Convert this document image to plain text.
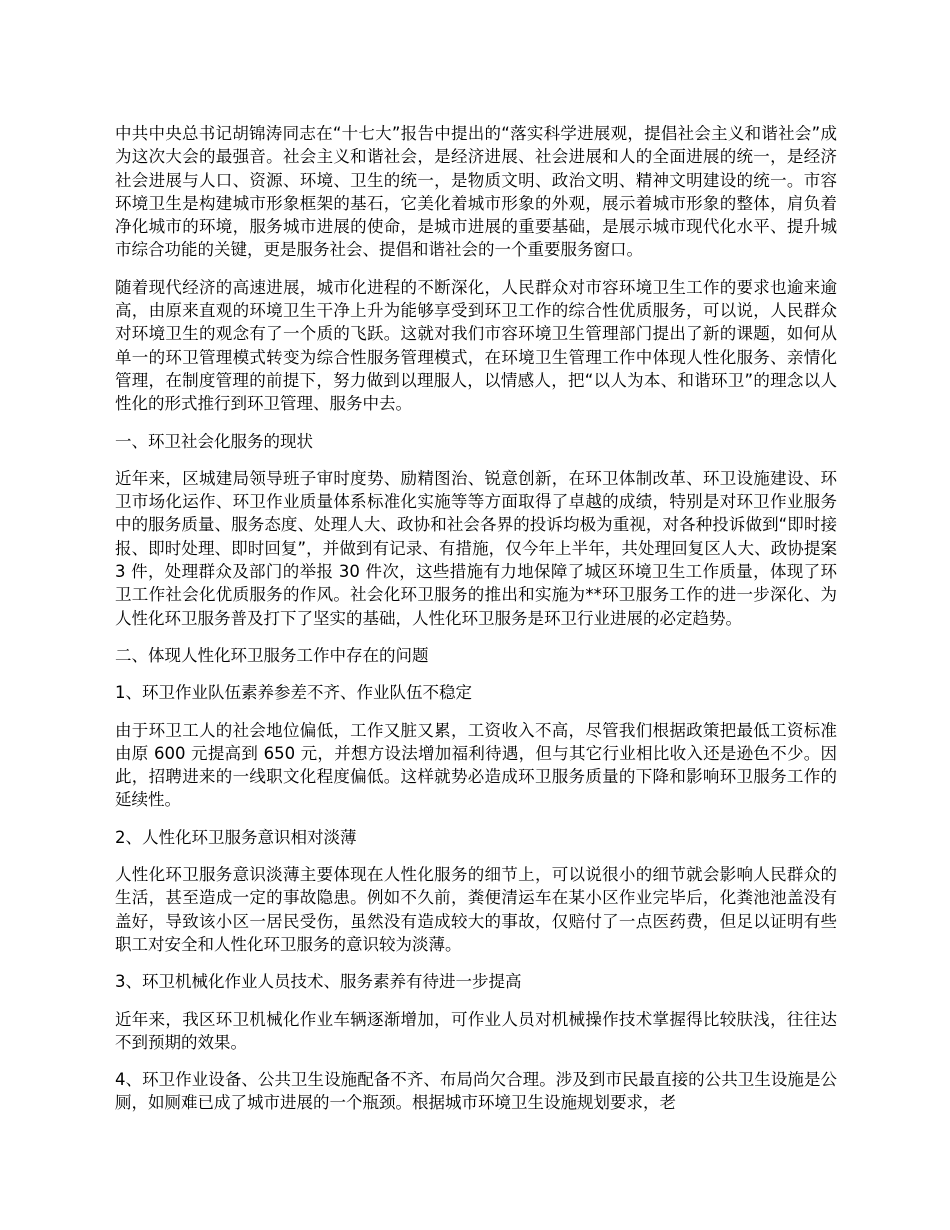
中共中央总书记胡锦涛同志在“十七大”报告中提出的“落实科学进展观，提倡社会主义和谐社会”成为这次大会的最强音。社会主义和谐社会，是经济进展、社会进展和人的全面进展的统一，是经济社会进展与人口、资源、环境、卫生的统一，是物质文明、政治文明、精神文明建设的统一。市容环境卫生是构建城市形象框架的基石，它美化着城市形象的外观，展示着城市形象的整体，肩负着净化城市的环境，服务城市进展的使命，是城市进展的重要基础，是展示城市现代化水平、提升城市综合功能的关键，更是服务社会、提倡和谐社会的一个重要服务窗口。

随着现代经济的高速进展，城市化进程的不断深化，人民群众对市容环境卫生工作的要求也逾来逾高，由原来直观的环境卫生干净上升为能够享受到环卫工作的综合性优质服务，可以说，人民群众对环境卫生的观念有了一个质的飞跃。这就对我们市容环境卫生管理部门提出了新的课题，如何从单一的环卫管理模式转变为综合性服务管理模式，在环境卫生管理工作中体现人性化服务、亲情化管理，在制度管理的前提下，努力做到以理服人，以情感人，把“以人为本、和谐环卫”的理念以人性化的形式推行到环卫管理、服务中去。

一、环卫社会化服务的现状

近年来，区城建局领导班子审时度势、励精图治、锐意创新，在环卫体制改革、环卫设施建设、环卫市场化运作、环卫作业质量体系标准化实施等等方面取得了卓越的成绩，特别是对环卫作业服务中的服务质量、服务态度、处理人大、政协和社会各界的投诉均极为重视，对各种投诉做到“即时接报、即时处理、即时回复”，并做到有记录、有措施，仅今年上半年，共处理回复区人大、政协提案 3 件，处理群众及部门的举报 30 件次，这些措施有力地保障了城区环境卫生工作质量，体现了环卫工作社会化优质服务的作风。社会化环卫服务的推出和实施为**环卫服务工作的进一步深化、为人性化环卫服务普及打下了坚实的基础，人性化环卫服务是环卫行业进展的必定趋势。

二、体现人性化环卫服务工作中存在的问题

1、环卫作业队伍素养参差不齐、作业队伍不稳定

由于环卫工人的社会地位偏低，工作又脏又累，工资收入不高，尽管我们根据政策把最低工资标准由原 600 元提高到 650 元，并想方设法增加福利待遇，但与其它行业相比收入还是逊色不少。因此，招聘进来的一线职文化程度偏低。这样就势必造成环卫服务质量的下降和影响环卫服务工作的延续性。

2、人性化环卫服务意识相对淡薄

人性化环卫服务意识淡薄主要体现在人性化服务的细节上，可以说很小的细节就会影响人民群众的生活，甚至造成一定的事故隐患。例如不久前，粪便清运车在某小区作业完毕后，化粪池池盖没有盖好，导致该小区一居民受伤，虽然没有造成较大的事故，仅赔付了一点医药费，但足以证明有些职工对安全和人性化环卫服务的意识较为淡薄。

3、环卫机械化作业人员技术、服务素养有待进一步提高

近年来，我区环卫机械化作业车辆逐渐增加，可作业人员对机械操作技术掌握得比较肤浅，往往达不到预期的效果。

4、环卫作业设备、公共卫生设施配备不齐、布局尚欠合理。涉及到市民最直接的公共卫生设施是公厕，如厕难已成了城市进展的一个瓶颈。根据城市环境卫生设施规划要求，老
